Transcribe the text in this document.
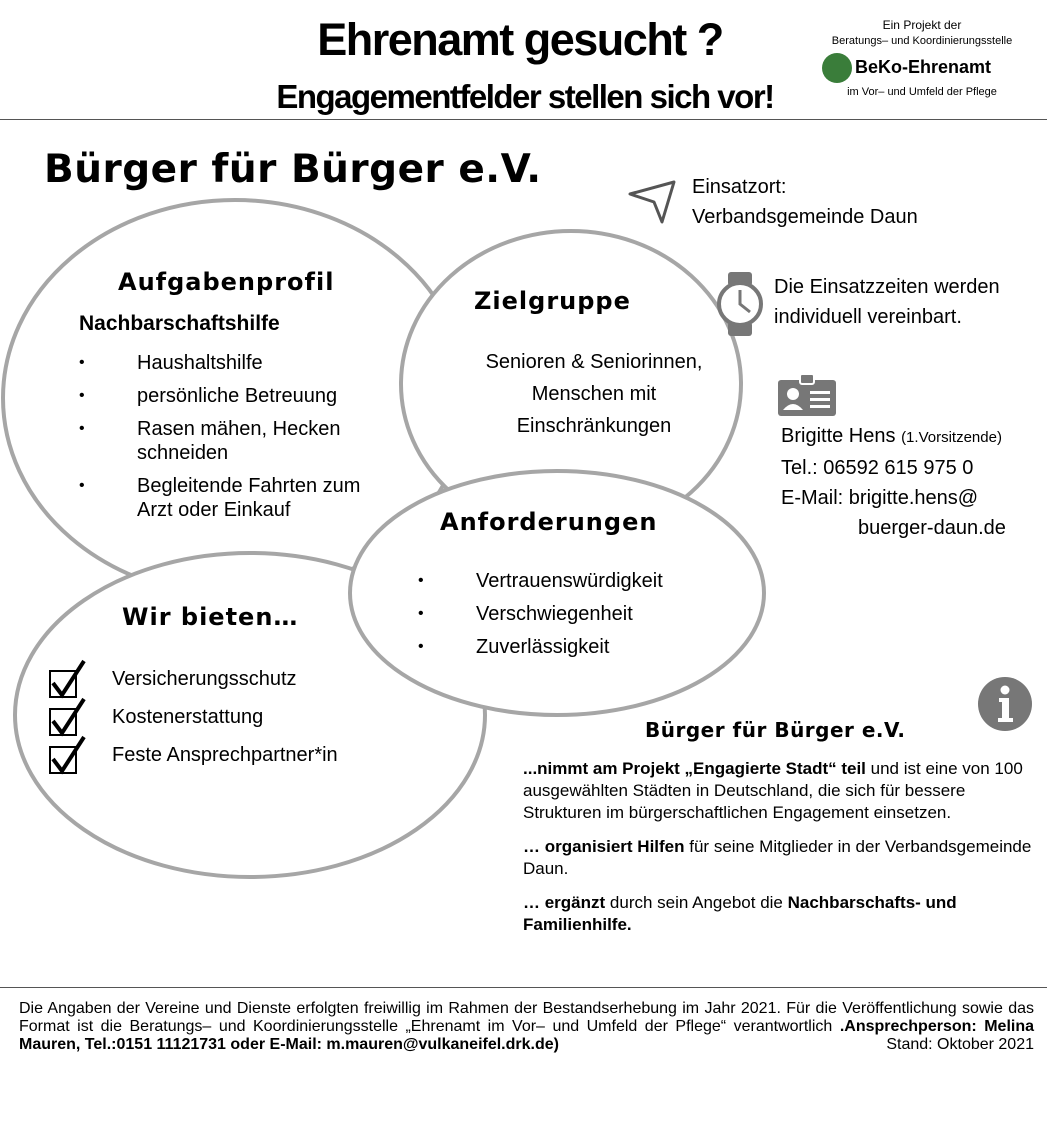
Ehrenamt gesucht ?
Engagementfelder stellen sich vor!
Ein Projekt der
Beratungs– und Koordinierungsstelle
BeKo-Ehrenamt
im Vor– und Umfeld der Pflege
Bürger für Bürger e.V.
Aufgabenprofil
Nachbarschaftshilfe
• Haushaltshilfe
• persönliche Betreuung
• Rasen mähen, Hecken schneiden
• Begleitende Fahrten zum Arzt oder Einkauf
Zielgruppe
Senioren & Seniorinnen,
Menschen mit
Einschränkungen
Anforderungen
• Vertrauenswürdigkeit
• Verschwiegenheit
• Zuverlässigkeit
Wir bieten…
Versicherungsschutz
Kostenerstattung
Feste Ansprechpartner*in
Einsatzort:
Verbandsgemeinde Daun
Die Einsatzzeiten werden
individuell vereinbart.
Brigitte Hens (1.Vorsitzende)
Tel.: 06592 615 975 0
E-Mail: brigitte.hens@
buerger-daun.de
Bürger für Bürger e.V.

...nimmt am Projekt „Engagierte Stadt“ teil und ist eine von 100 ausgewählten Städten in Deutschland, die sich für bessere Strukturen im bürgerschaftlichen Engagement einsetzen.

… organisiert Hilfen für seine Mitglieder in der Verbandsgemeinde Daun.

… ergänzt durch sein Angebot die Nachbarschafts- und Familienhilfe.

Die Angaben der Vereine und Dienste erfolgten freiwillig im Rahmen der Bestandserhebung im Jahr 2021. Für die Veröffentlichung sowie das Format ist die Beratungs– und Koordinierungsstelle „Ehrenamt im Vor– und Umfeld der Pflege“ verantwortlich .Ansprechperson: Melina Mauren, Tel.:0151 11121731 oder E-Mail: m.mauren@vulkaneifel.drk.de)	Stand: Oktober 2021
